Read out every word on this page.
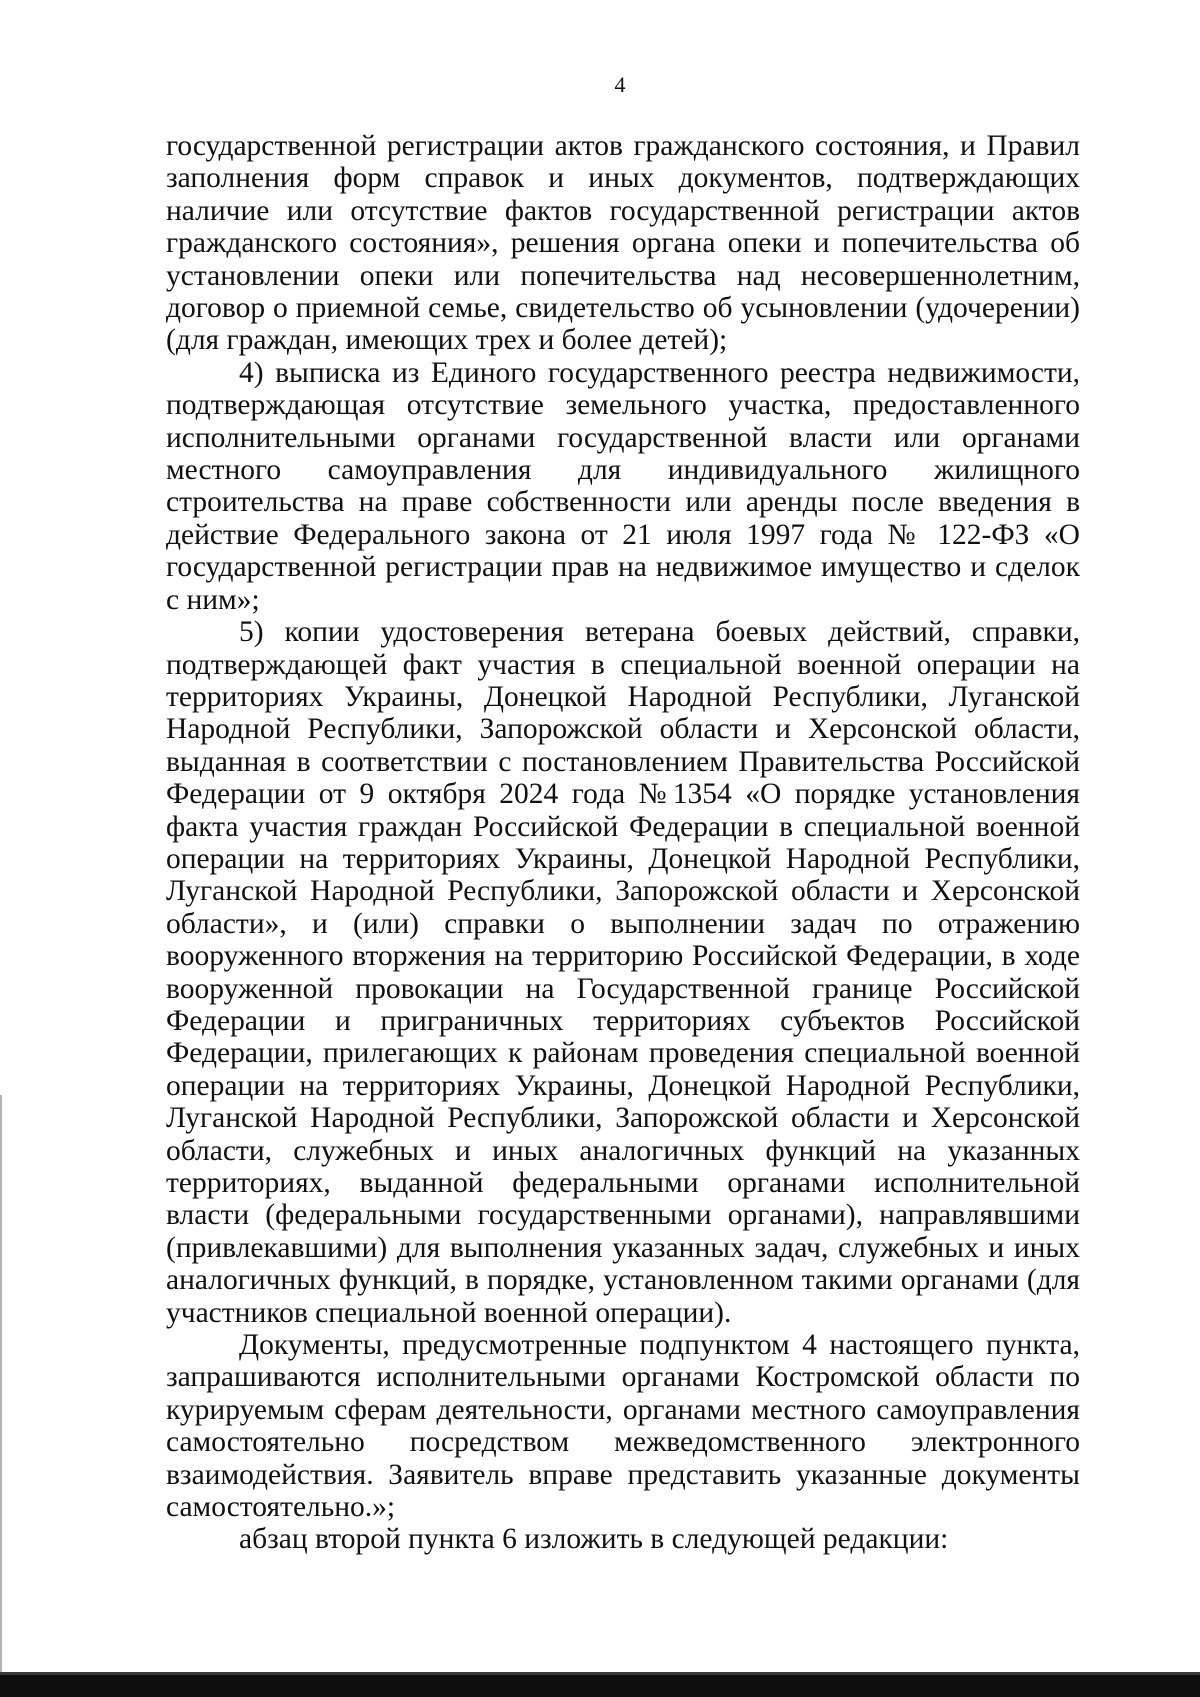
4

государственной регистрации актов гражданского состояния, и Правил заполнения форм справок и иных документов, подтверждающих наличие или отсутствие фактов государственной регистрации актов гражданского состояния», решения органа опеки и попечительства об установлении опеки или попечительства над несовершеннолетним, договор о приемной семье, свидетельство об усыновлении (удочерении) (для граждан, имеющих трех и более детей);

4) выписка из Единого государственного реестра недвижимости, подтверждающая отсутствие земельного участка, предоставленного исполнительными органами государственной власти или органами местного самоуправления для индивидуального жилищного строительства на праве собственности или аренды после введения в действие Федерального закона от 21 июля 1997 года № 122-ФЗ «О государственной регистрации прав на недвижимое имущество и сделок с ним»;

5) копии удостоверения ветерана боевых действий, справки, подтверждающей факт участия в специальной военной операции на территориях Украины, Донецкой Народной Республики, Луганской Народной Республики, Запорожской области и Херсонской области, выданная в соответствии с постановлением Правительства Российской Федерации от 9 октября 2024 года №1354 «О порядке установления факта участия граждан Российской Федерации в специальной военной операции на территориях Украины, Донецкой Народной Республики, Луганской Народной Республики, Запорожской области и Херсонской области», и (или) справки о выполнении задач по отражению вооруженного вторжения на территорию Российской Федерации, в ходе вооруженной провокации на Государственной границе Российской Федерации и приграничных территориях субъектов Российской Федерации, прилегающих к районам проведения специальной военной операции на территориях Украины, Донецкой Народной Республики, Луганской Народной Республики, Запорожской области и Херсонской области, служебных и иных аналогичных функций на указанных территориях, выданной федеральными органами исполнительной власти (федеральными государственными органами), направлявшими (привлекавшими) для выполнения указанных задач, служебных и иных аналогичных функций, в порядке, установленном такими органами (для участников специальной военной операции).

Документы, предусмотренные подпунктом 4 настоящего пункта, запрашиваются исполнительными органами Костромской области по курируемым сферам деятельности, органами местного самоуправления самостоятельно посредством межведомственного электронного взаимодействия. Заявитель вправе представить указанные документы самостоятельно.»;

абзац второй пункта 6 изложить в следующей редакции:
